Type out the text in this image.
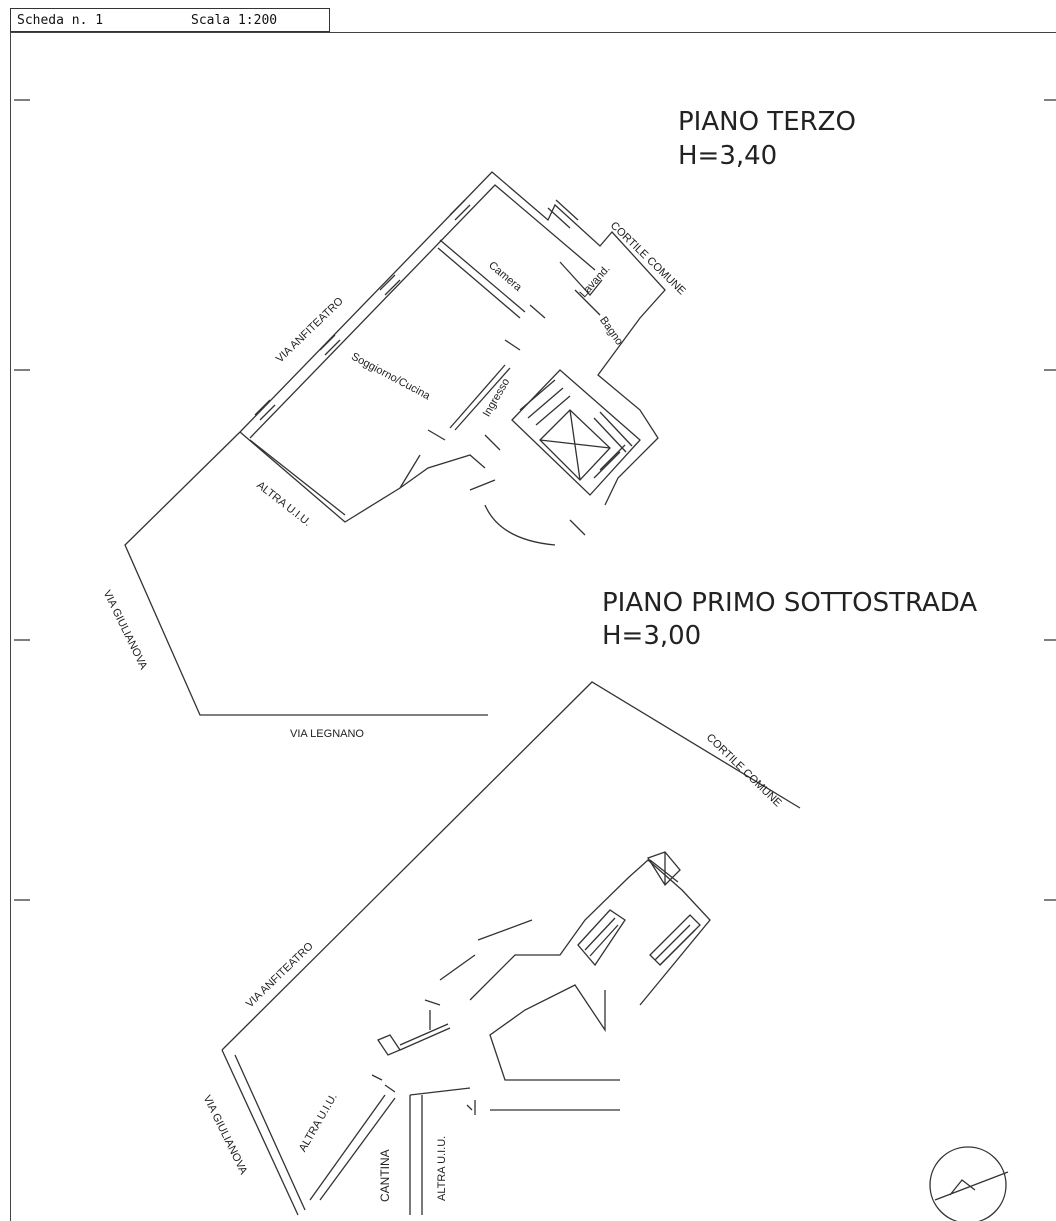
Scheda n. 1	Scala 1:200
PIANO TERZO
H=3,40
PIANO PRIMO SOTTOSTRADA
H=3,00
VIA ANFITEATRO
CORTILE COMUNE
ALTRA U.I.U.
VIA GIULIANOVA
VIA LEGNANO
Camera
Soggiorno/Cucina	Ingresso
Lavand.
Bagno
VIA ANFITEATRO
CORTILE COMUNE
VIA GIULIANOVA	ALTRA U.I.U.
CANTINA	ALTRA U.I.U.
